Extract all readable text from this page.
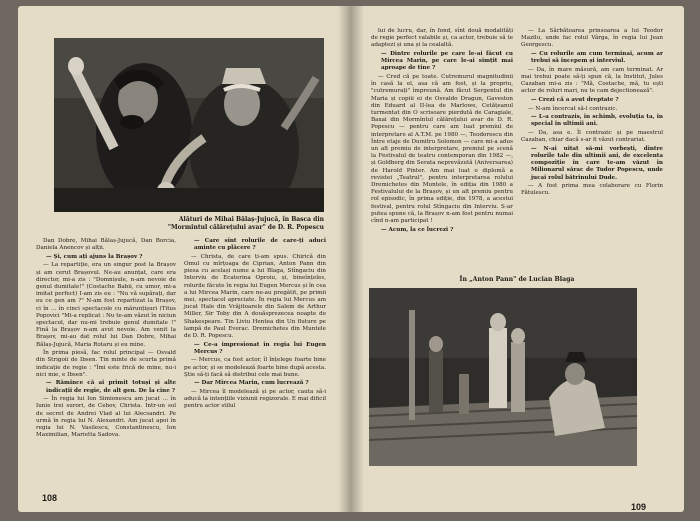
Alături de Mihai Bălaș-Jujucă, în Basca din "Mormintul călărețului avar" de D. R. Popescu

Dan Dobre, Mihai Bălaș-Jujucă, Dan Borcia, Daniela Anencov și alții.

— Și, cum ați ajuns la Brașov ?

— La repartiție, era un singur post la Brașov și am cerut Brașovul. Ne-au anunțat, care era director, mi-a zis : "Domnișule, n-am nevoie de genul dumitale!" (Costache Babii, cu umor, mi-a imitat perfect) I-am zis eu : "Nu vă supărați, dar eu ce gen am ?" N-am fost repartizat la Brașov, ci în ... în cinci spectacole cu mărunțișuri (Titus Popovici "Mi-a replicat : Nu te-am văzut în niciun spectacol, dar nu-mi trebuie genul dumitale !" Fină la Brașov n-am avut nevoie. Am venit la Brașov, mi-au dat rolul lui Dan Dobre, Mihai Bălaș-Jujucă, Maria Rotaru și eu mine.

În prima piesă, fac rolul principal — Osvald din Strigoii de Ibsen. Tin minte de scurta primă indicație de regie : "Îmi este frică de mine, nu-i nici mie, e Ibsen".

— Rămînce că ai primit totuși și alte indicații de regie, de alt gen. De la cine ?

— În regia lui Ion Simionescu am jucat ... în Iunie trei surori, de Cehov, Christa. Intr-un sol de secret de Andrei Vlad al lui Alecsandri. Pe urmă în regia lui N. Alexandri. Am jucat apoi în regia lui N. Vasilescu, Constantinescu, Ion Maximilian, Marietta Sadova.

— Care sînt rolurile de care-ți aduci aminte cu plăcere ?

— Christa, de care ți-am spus. Chirică din Omul cu mîrțoaga de Ciprian, Anton Pann din piesa cu același nume a lui Blaga, Stîngaciu din Interviu de Ecaterina Oproiu, și, bineînțeles, rolurile făcute în regia lui Eugen Mercus și în cea a lui Mircea Marin, care ne-au pregătit, pe primii mei, spectacol apreciate. În regia lui Mercus am jucat Hale din Vrăjitoarele din Salem de Arthur Miller, Sir Toby din A douăsprezecea noapte de Shakespeare. Tin Liviu Hentea din Un fluture pe lampă de Paul Everac. Dremichetes din Muntele de D. R. Popescu.

— Ce-a impresionat în regia lui Eugen Mercus ?

— Mercus, ca fost actor, îl înțelege foarte bine pe actor, și se modelează foarte bine după acesta. Știe să-ți facă să distribui cele mai bune.

— Dar Mircea Marin, cum lucrează ?

— Mircea îl modelează și pe actor, cauta să-i aducă la intențiile viziunii regizorale. E mai dificil pentru actor stilul

108

lui de lucru, dar, în fond, sînt două modalități de regie perfect valabile și, ca actor, trebuie să te adaptezi și una și la cealaltă.

— Dintre rolurile pe care le-ai făcut cu Mircea Marin, pe care le-ai simțit mai aproape de tine ?

— Cred că pe toate. Cutremurul magnitudinii în casă la el, asa că am fost, și la propriu, "cutremurați" împreună. Am făcut Sergentul din Maria și copiii ei de Osvaldo Dragun, Gaveston din Eduard al II-lea de Marlowe, Cetățeanul turmentat din O scrisoare pierdută de Caragiale, Baxai din Mormîntul călărețului avar de D. R. Popescu — pentru care am luat premiul de interpretare al A.T.M. pe 1980 —, Teodorescu din Între etaje de Dumitru Solomon — care mi-a adus un alt premiu de interpretare, premiul pe scenă la Festivalul de teatru contemporan din 1982 —, și Goldberg din Serata neprevăzută (Aniversarea) de Harold Pinter. Am mai luat o diplomă a revistei „Teatrul", pentru interpretarea rolului Dremichetes din Muntele, în ediția din 1980 a Festivalului de la Brașov, și un alt premiu pentru rol episodic, în prima ediție, din 1978, a acestui festival, pentru rolul Stîngaciu din Interviu. S-ar putea spune că, la Brașov n-am fost pentru numai cînd n-am participat !

— Acum, la ce lucrezi ?

— La Sărbătoarea prinsoarea a lui Teodor Mazilu, unde fac rolul Vârga, în regia lui Jean Georgescu.

— Cu rolurile am cum terminai, acum ar trebui să începem și interviul.

— Da, în mare măsură, am cam terminat. Ar mai trebui poate să-ți spun că, la Institut, Jules Cazaban mi-a zis : "Mă, Costache, mă, tu ești actor de roluri mari, nu te cam dejectionează".

— Crezi că a avut dreptate ?

— N-am încercat să-l contrazic.

— L-a contrazis, în schimb, evoluția ta, în special în ultimii ani.

— Da, asa e. Îl contrazic și pe maestrul Cazaban, chiar dacă s-ar fi văzut contrariat.

— N-ai uitat să-mi vorbești, dintre rolurile tale din ultimii ani, de excelenta compoziție în care te-am văzut în Milionarul sărac de Tudor Popescu, unde jucai rolul bătrînului Dude.

— A fost prima mea colaborare cu Florin Fătulescu.

În „Anton Pann" de Lucian Blaga
109
